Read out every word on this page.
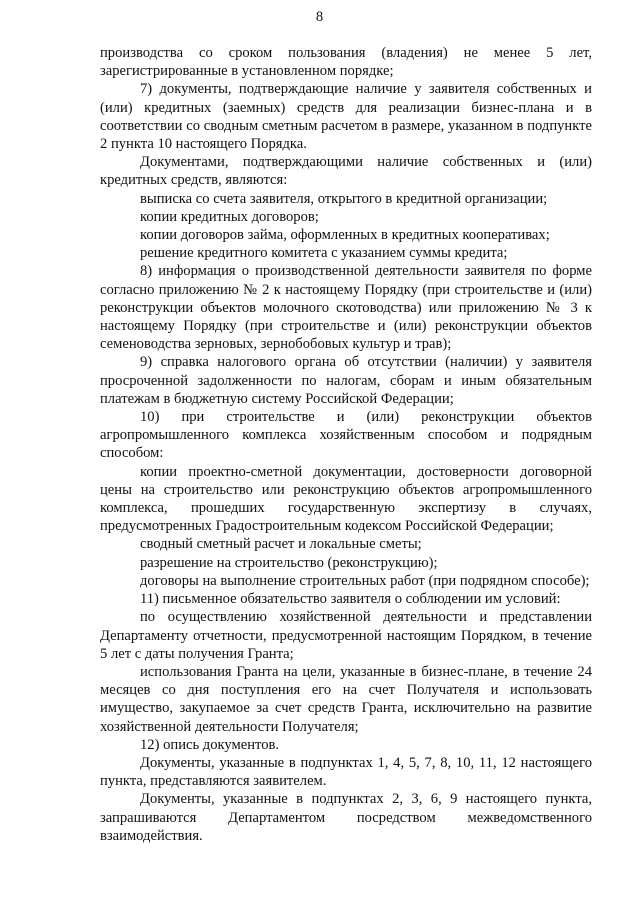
8

производства со сроком пользования (владения) не менее 5 лет, зарегистрированные в установленном порядке;

7) документы, подтверждающие наличие у заявителя собственных и (или) кредитных (заемных) средств для реализации бизнес-плана и в соответствии со сводным сметным расчетом в размере, указанном в подпункте 2 пункта 10 настоящего Порядка.

Документами, подтверждающими наличие собственных и (или) кредитных средств, являются:

выписка со счета заявителя, открытого в кредитной организации;

копии кредитных договоров;

копии договоров займа, оформленных в кредитных кооперативах;

решение кредитного комитета с указанием суммы кредита;

8) информация о производственной деятельности заявителя по форме согласно приложению № 2 к настоящему Порядку (при строительстве и (или) реконструкции объектов молочного скотоводства) или приложению № 3 к настоящему Порядку (при строительстве и (или) реконструкции объектов семеноводства зерновых, зернобобовых культур и трав);

9) справка налогового органа об отсутствии (наличии) у заявителя просроченной задолженности по налогам, сборам и иным обязательным платежам в бюджетную систему Российской Федерации;

10) при строительстве и (или) реконструкции объектов агропромышленного комплекса хозяйственным способом и подрядным способом:

копии проектно-сметной документации, достоверности договорной цены на строительство или реконструкцию объектов агропромышленного комплекса, прошедших государственную экспертизу в случаях, предусмотренных Градостроительным кодексом Российской Федерации;

сводный сметный расчет и локальные сметы;

разрешение на строительство (реконструкцию);

договоры на выполнение строительных работ (при подрядном способе);

11) письменное обязательство заявителя о соблюдении им условий:

по осуществлению хозяйственной деятельности и представлении Департаменту отчетности, предусмотренной настоящим Порядком, в течение 5 лет с даты получения Гранта;

использования Гранта на цели, указанные в бизнес-плане, в течение 24 месяцев со дня поступления его на счет Получателя и использовать имущество, закупаемое за счет средств Гранта, исключительно на развитие хозяйственной деятельности Получателя;

12) опись документов.

Документы, указанные в подпунктах 1, 4, 5, 7, 8, 10, 11, 12 настоящего пункта, представляются заявителем.

Документы, указанные в подпунктах 2, 3, 6, 9 настоящего пункта, запрашиваются Департаментом посредством межведомственного взаимодействия.
